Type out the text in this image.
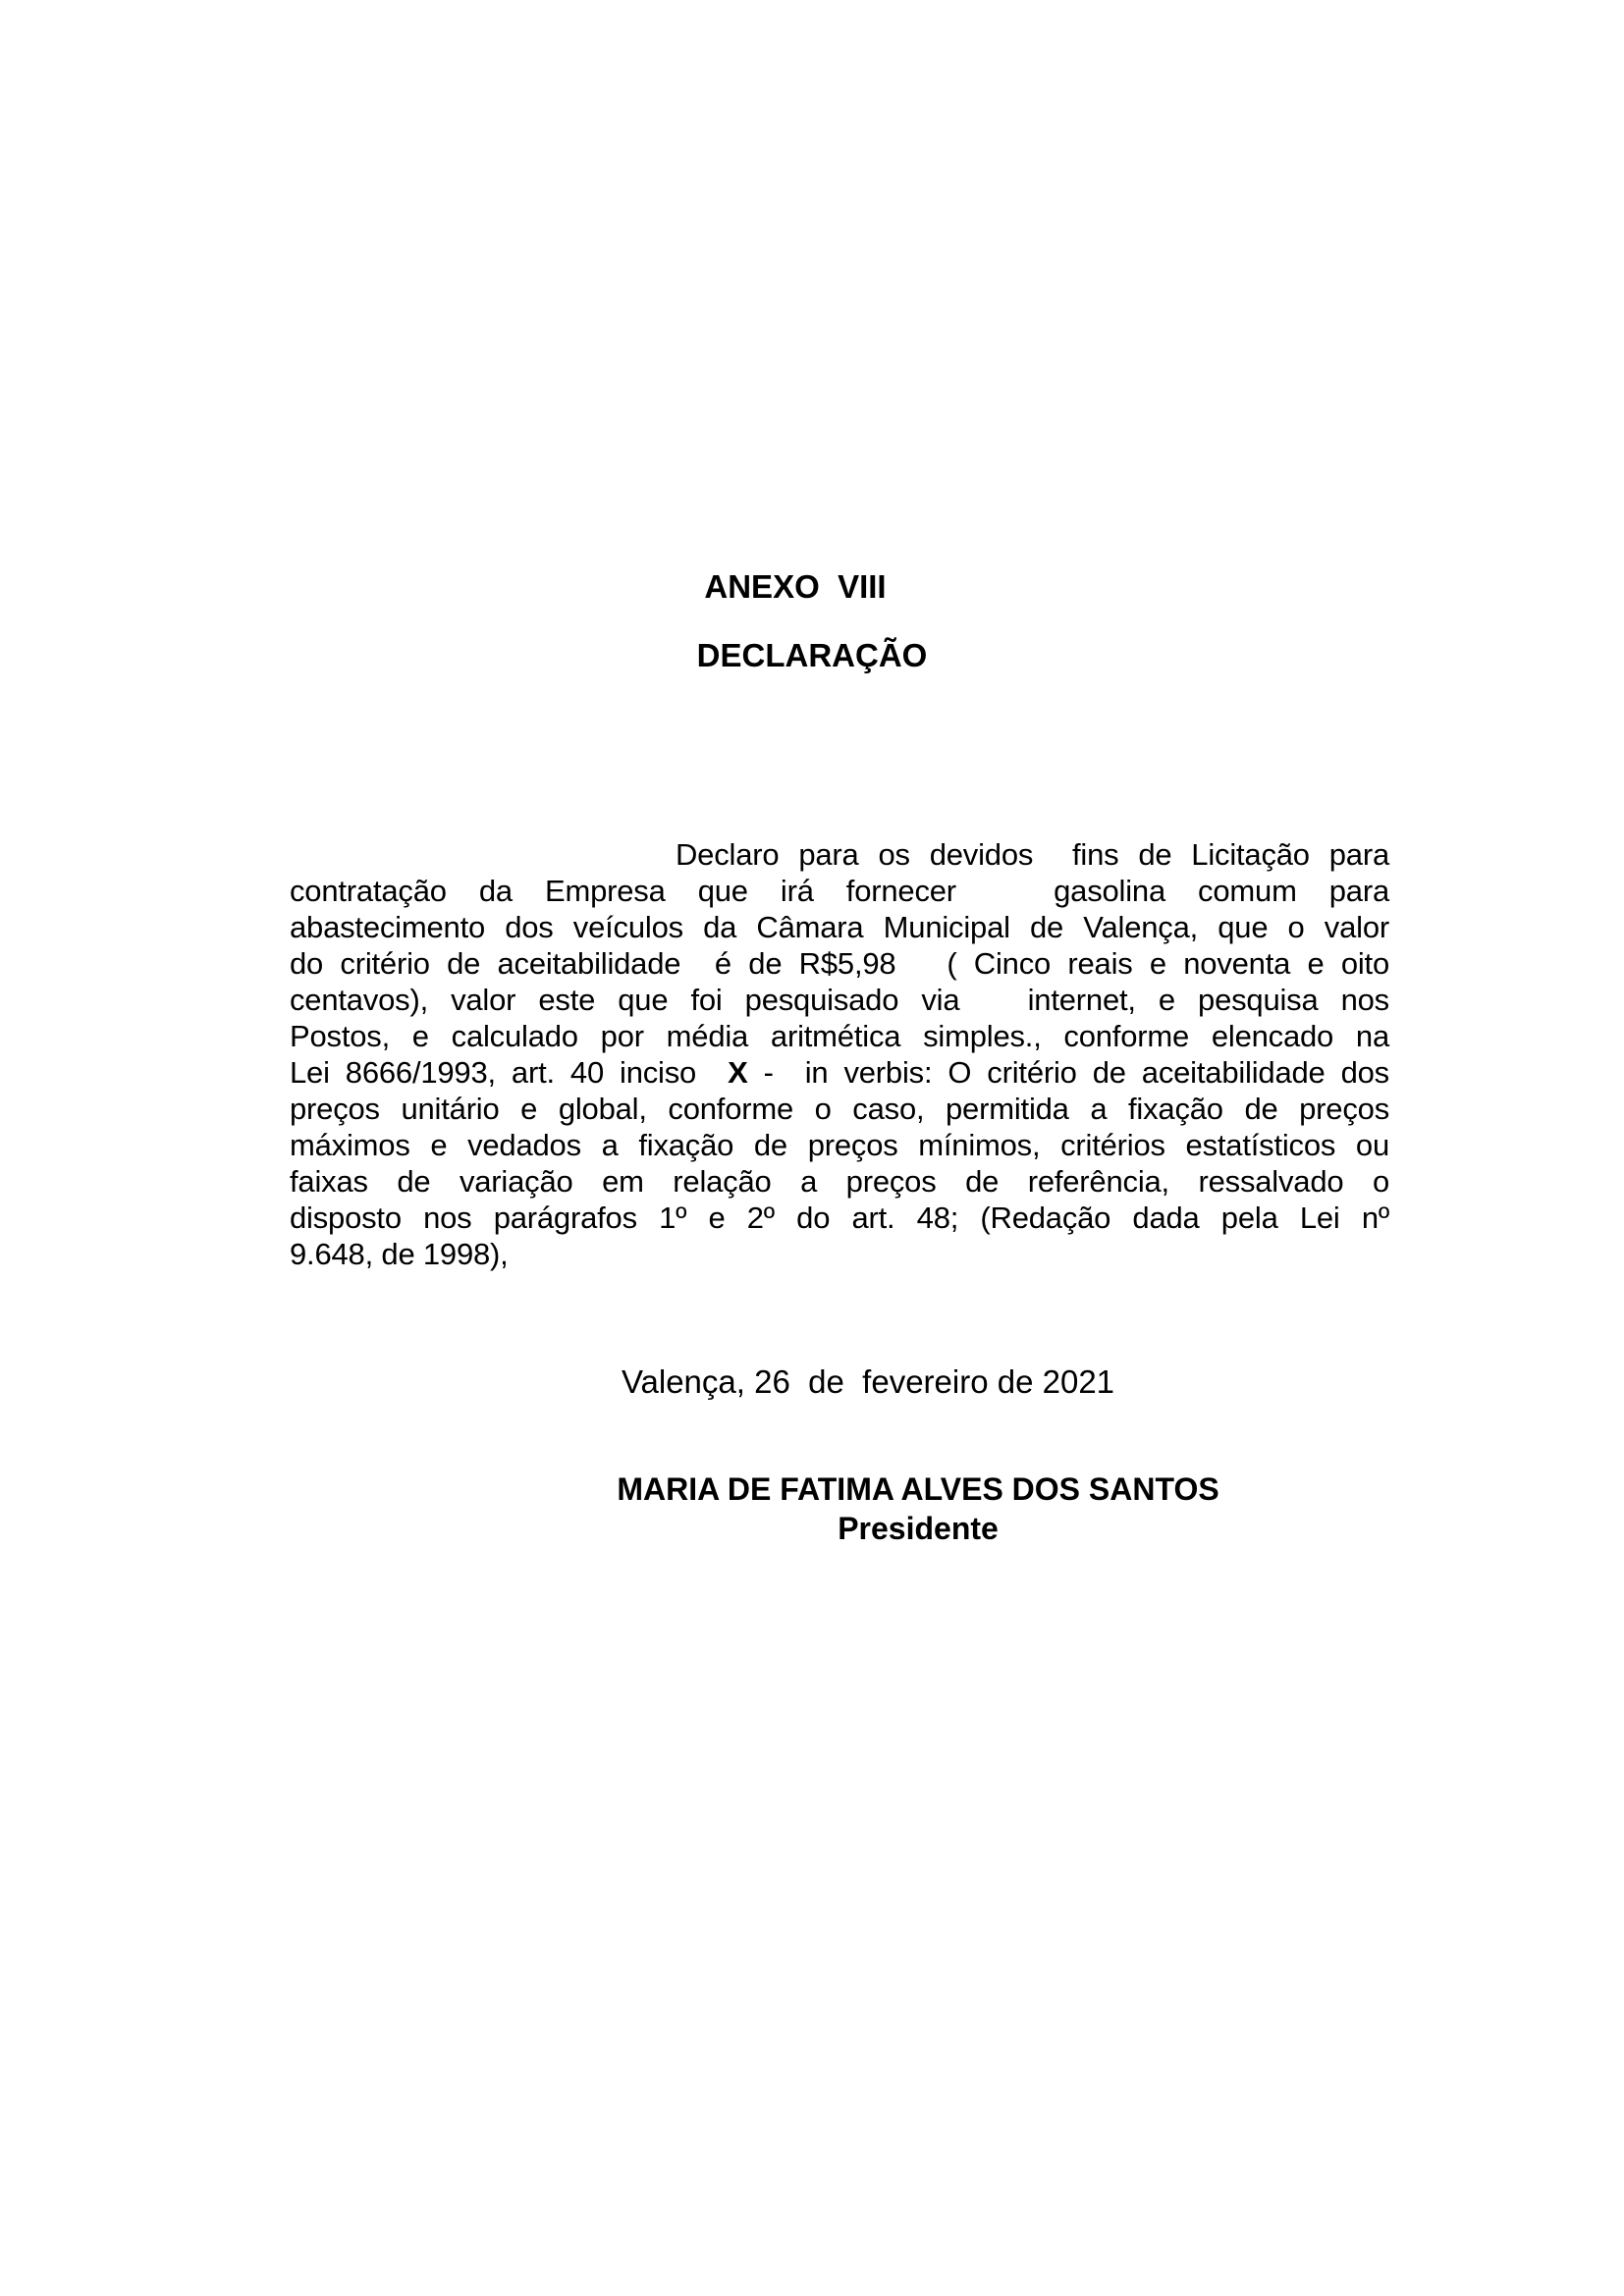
ANEXO  VIII
DECLARAÇÃO
Declaro para os devidos  fins de Licitação para
contratação da Empresa que irá fornecer   gasolina comum para
abastecimento dos veículos da Câmara Municipal de Valença, que o valor
do critério de aceitabilidade  é de R$5,98   ( Cinco reais e noventa e oito
centavos), valor este que foi pesquisado via   internet, e pesquisa nos
Postos, e calculado por média aritmética simples., conforme elencado na
Lei 8666/1993, art. 40 inciso  X -  in verbis: O critério de aceitabilidade dos
preços unitário e global, conforme o caso, permitida a fixação de preços
máximos e vedados a fixação de preços mínimos, critérios estatísticos ou
faixas de variação em relação a preços de referência, ressalvado o
disposto nos parágrafos 1º e 2º do art. 48; (Redação dada pela Lei nº
9.648, de 1998),
Valença, 26  de  fevereiro de 2021
MARIA DE FATIMA ALVES DOS SANTOS
Presidente
